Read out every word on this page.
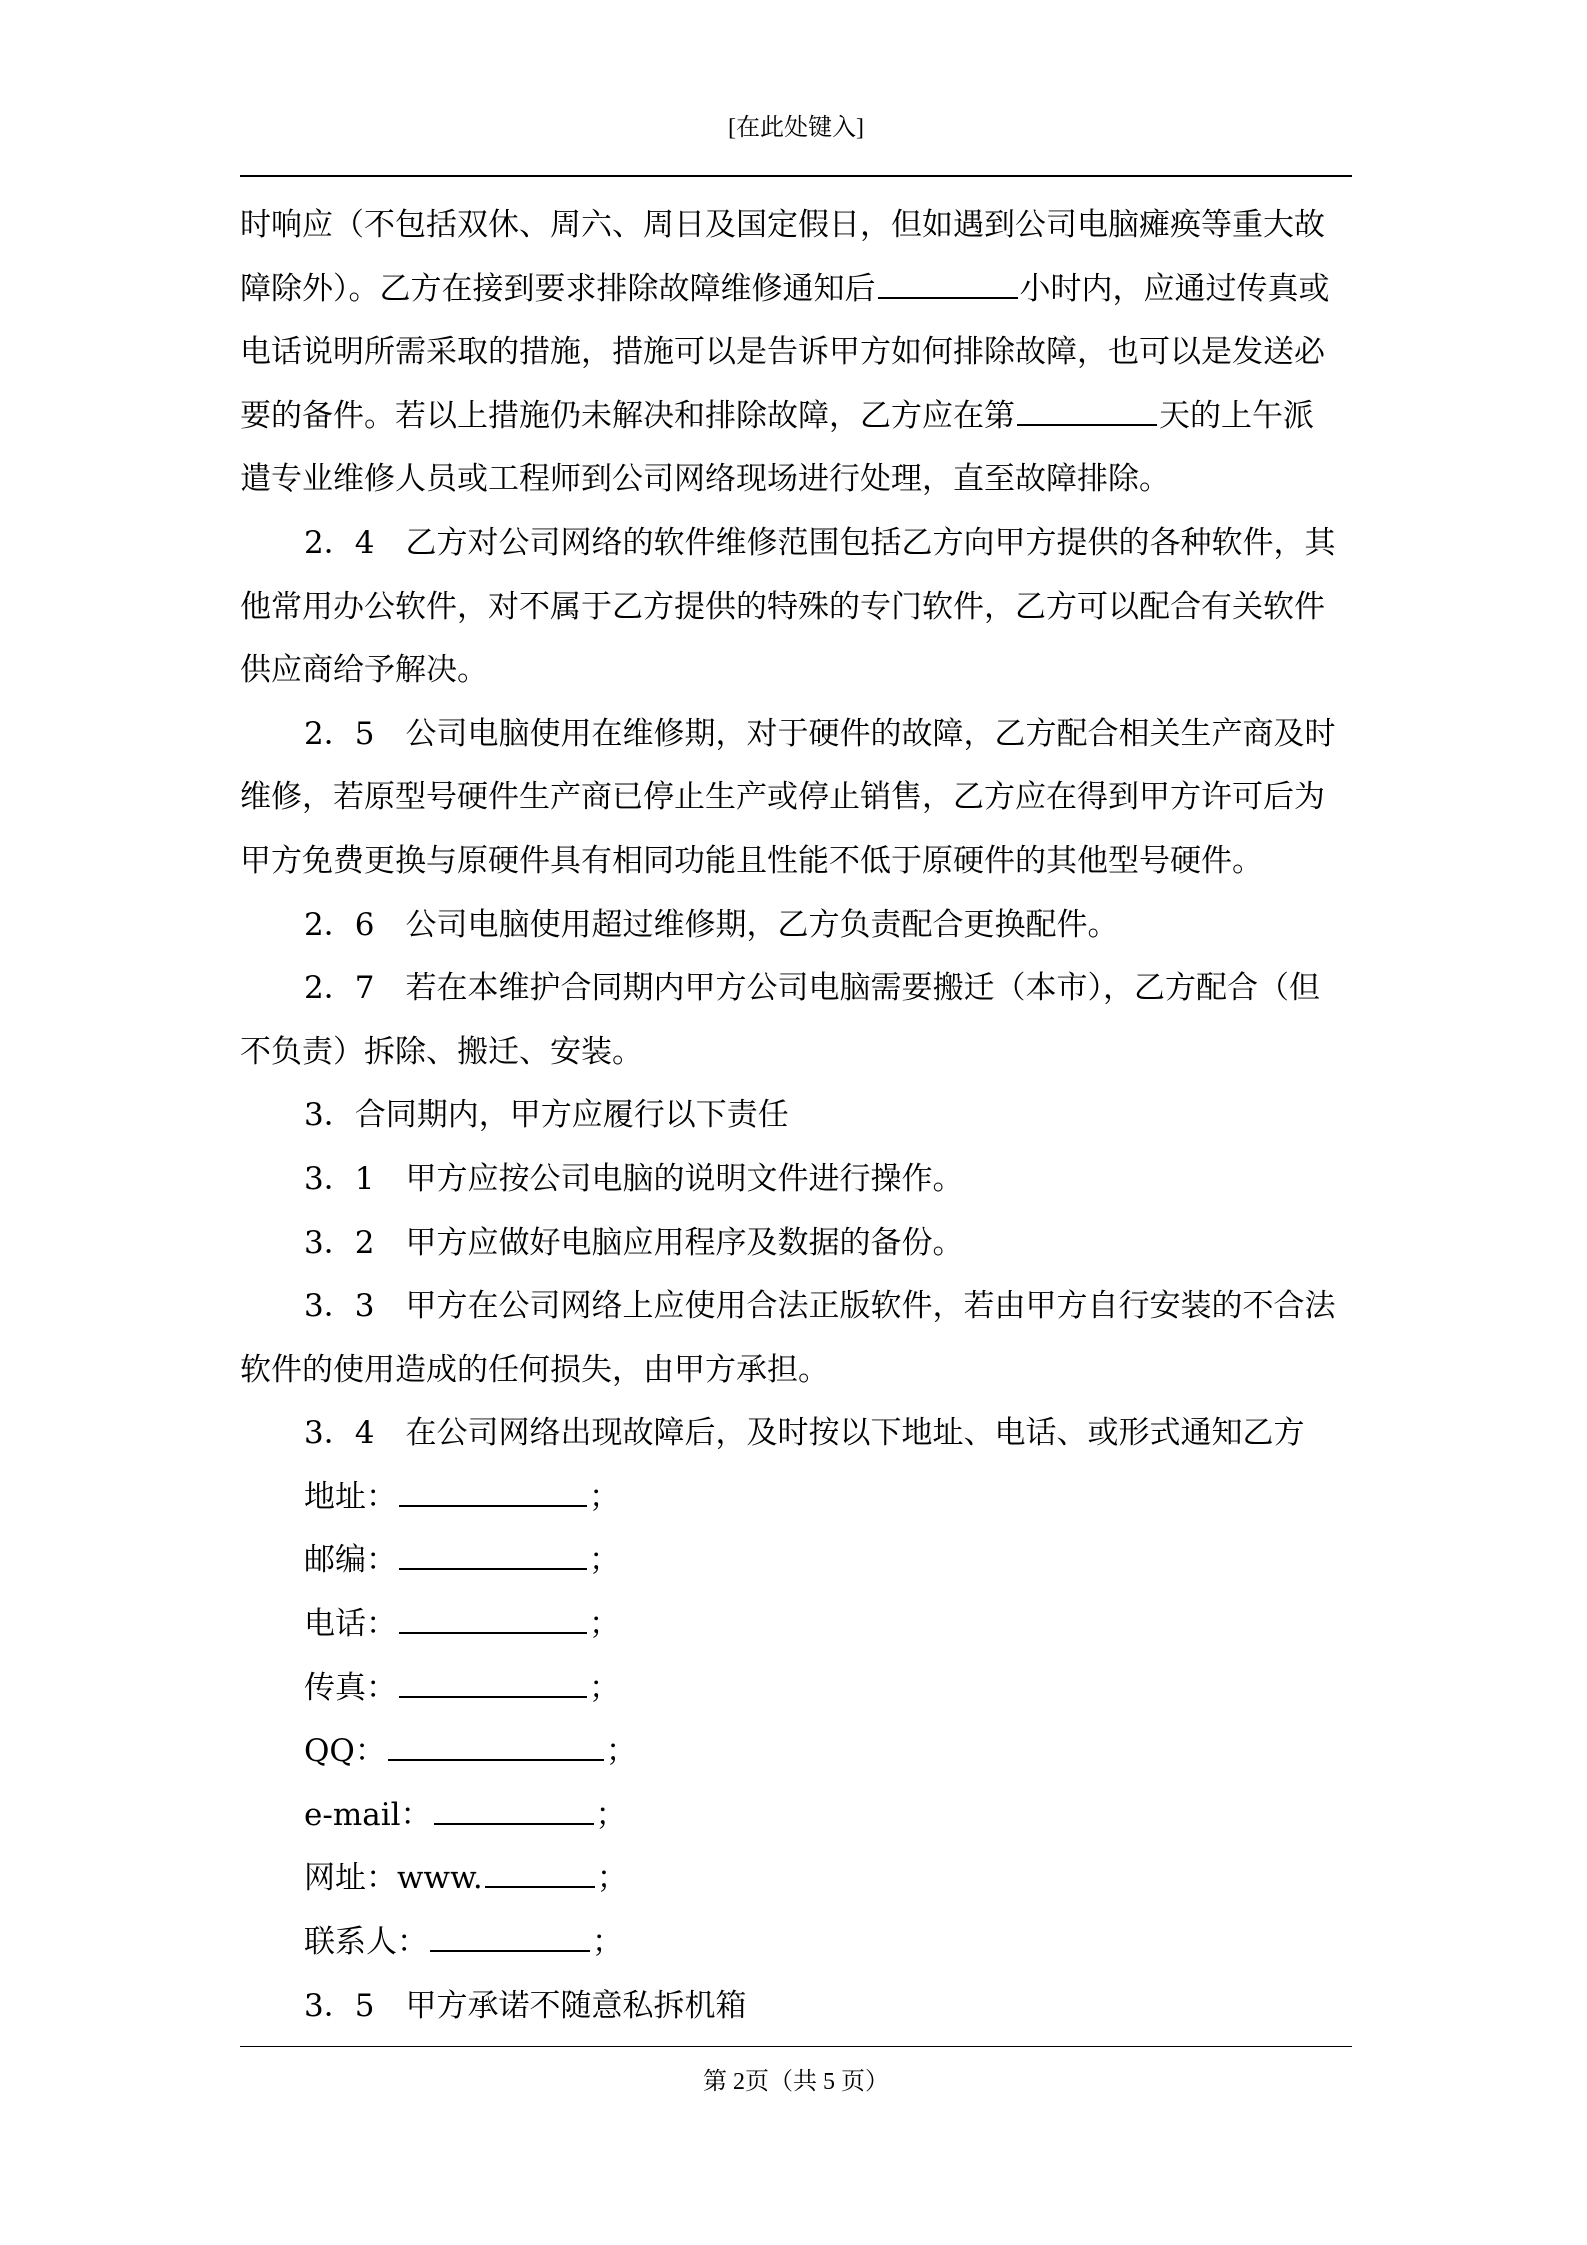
[在此处键入]
时响应（不包括双休、周六、周日及国定假日，但如遇到公司电脑瘫痪等重大故
障除外）。乙方在接到要求排除故障维修通知后	小时内，应通过传真或
电话说明所需采取的措施，措施可以是告诉甲方如何排除故障，也可以是发送必
要的备件。若以上措施仍未解决和排除故障，乙方应在第	天的上午派
遣专业维修人员或工程师到公司网络现场进行处理，直至故障排除。
2．4　乙方对公司网络的软件维修范围包括乙方向甲方提供的各种软件，其
他常用办公软件，对不属于乙方提供的特殊的专门软件，乙方可以配合有关软件
供应商给予解决。
2．5　公司电脑使用在维修期，对于硬件的故障，乙方配合相关生产商及时
维修，若原型号硬件生产商已停止生产或停止销售，乙方应在得到甲方许可后为
甲方免费更换与原硬件具有相同功能且性能不低于原硬件的其他型号硬件。
2．6　公司电脑使用超过维修期，乙方负责配合更换配件。
2．7　若在本维护合同期内甲方公司电脑需要搬迁（本市），乙方配合（但
不负责）拆除、搬迁、安装。
3．合同期内，甲方应履行以下责任
3．1　甲方应按公司电脑的说明文件进行操作。
3．2　甲方应做好电脑应用程序及数据的备份。
3．3　甲方在公司网络上应使用合法正版软件，若由甲方自行安装的不合法
软件的使用造成的任何损失，由甲方承担。
3．4　在公司网络出现故障后，及时按以下地址、电话、或形式通知乙方
地址：	；
邮编：	；
电话：	；
传真：	；
QQ：	；
e-mail：	；
网址：www.	；
联系人：	；
3．5　甲方承诺不随意私拆机箱
第 2页（共 5 页）
